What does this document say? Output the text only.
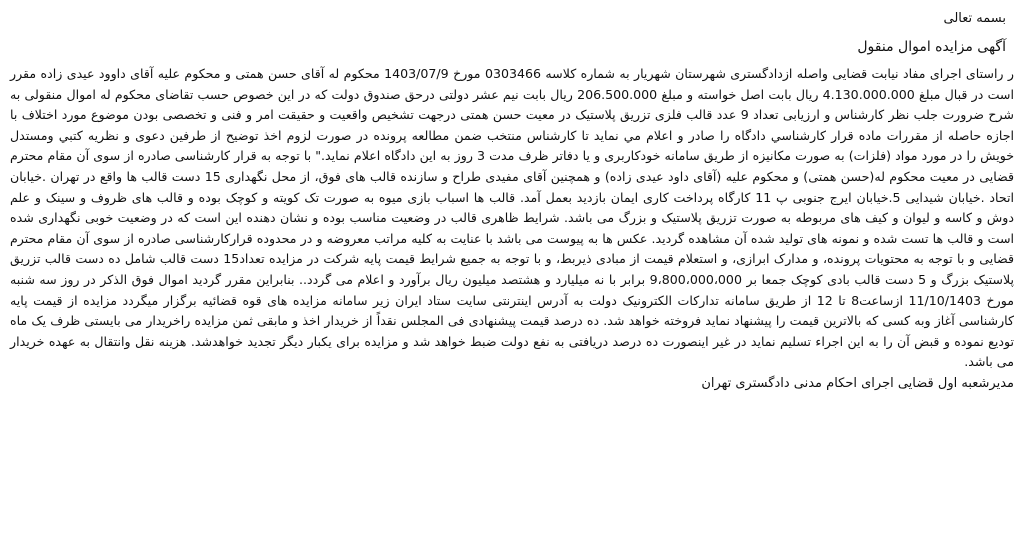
بسمه تعالی

آگهی مزایده اموال منقول

ر راستای اجرای مفاد نیابت قضایی واصله ازدادگستری شهرستان شهریار به شماره کلاسه 0303466 مورخ 1403/07/9 محکوم له آقای حسن همتی و محکوم علیه آقای داوود عیدی زاده مقرر است در قبال مبلغ 4.130.000.000 ریال بابت اصل خواسته و مبلغ 206.500.000 ریال بابت نیم عشر دولتی درحق صندوق دولت که در این خصوص حسب تقاضای محکوم له اموال منقولی به شرح ضرورت جلب نظر کارشناس و ارزیابی تعداد 9 عدد قالب فلزی تزریق پلاستیک در معیت حسن همتی درجهت تشخیص واقعیت و حقیقت امر و فنی و تخصصی بودن موضوع مورد اختلاف با اجازه حاصله از مقررات ماده قرار کارشناسي دادگاه را صادر و اعلام مي نمايد تا کارشناس منتخب ضمن مطالعه پرونده در صورت لزوم اخذ توضیح از طرفین دعوی و نظريه کتبي ومستدل خويش را در مورد مواد (فلزات) به صورت مکانیزه از طریق سامانه خودکاربری و یا دفاتر ظرف مدت 3 روز به این دادگاه اعلام نماید." با توجه به قرار کارشناسی صادره از سوی آن مقام محترم قضایی در معیت محکوم له(حسن همتی) و محکوم علیه (آقای داود عیدی زاده) و همچنین آقای مفیدی طراح و سازنده قالب های فوق، از محل نگهداری 15 دست قالب ها واقع در تهران .خیابان اتحاد .خیابان شیدایی 5.خیابان ایرج جنوبی پ 11 کارگاه پرداخت کاری ایمان بازدید بعمل آمد. قالب ها اسباب بازی میوه به صورت تک کویته و کوچک بوده و قالب های ظروف و سینک و علم دوش و کاسه و لیوان و کیف های مربوطه به صورت تزریق پلاستیک و بزرگ می باشد. شرایط ظاهری قالب در وضعیت مناسب بوده و نشان دهنده این است که در وضعیت خوبی نگهداری شده است و قالب ها تست شده و نمونه های تولید شده آن مشاهده گردید. عکس ها به پیوست می باشد با عنایت به کلیه مراتب معروضه و در محدوده قرارکارشناسی صادره از سوی آن مقام محترم قضایی و با توجه به محتویات پرونده، و مدارک ابرازی، و استعلام قیمت از مبادی ذیربط، و با توجه به جمیع شرایط قیمت پایه شرکت در مزایده تعداد15 دست قالب شامل ده دست قالب تزریق پلاستیک بزرگ و 5 دست قالب بادی کوچک جمعا بر 9،800،000،000 برابر با نه میلیارد و هشتصد میلیون ریال برآورد و اعلام می گردد.. بنابراین مقرر گردید اموال فوق الذکر در روز سه شنبه مورخ 11/10/1403 ازساعت8 تا 12 از طریق سامانه تدارکات الکترونیک دولت به آدرس اینترنتی سایت ستاد ایران زیر سامانه مزایده های قوه قضائیه برگزار میگردد مزایده از قیمت پایه کارشناسی آغاز وبه کسی که بالاترین قیمت را پیشنهاد نماید فروخته خواهد شد. ده درصد قیمت پیشنهادی فی المجلس نقداً از خریدار اخذ و مابقی ثمن مزایده راخریدار می بایستی ظرف یک ماه تودیع نموده و قبض آن را به این اجراء تسلیم نماید در غیر اینصورت ده درصد دریافتی به نفع دولت ضبط خواهد شد و مزایده برای یکبار دیگر تجدید خواهدشد. هزینه نقل وانتقال به عهده خریدار می باشد.

مدیرشعبه اول قضایی اجرای احکام مدنی دادگستری تهران
